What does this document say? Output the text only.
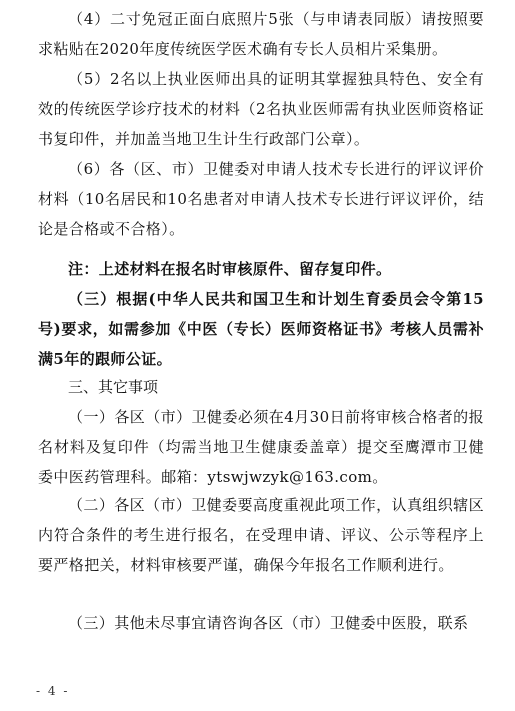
（4）二寸免冠正面白底照片5张（与申请表同版）请按照要求粘贴在2020年度传统医学医术确有专长人员相片采集册。

（5）2名以上执业医师出具的证明其掌握独具特色、安全有效的传统医学诊疗技术的材料（2名执业医师需有执业医师资格证书复印件，并加盖当地卫生计生行政部门公章）。

（6）各（区、市）卫健委对申请人技术专长进行的评议评价材料（10名居民和10名患者对申请人技术专长进行评议评价，结论是合格或不合格）。

注：上述材料在报名时审核原件、留存复印件。

（三）根据(中华人民共和国卫生和计划生育委员会令第15号)要求，如需参加《中医（专长）医师资格证书》考核人员需补满5年的跟师公证。

三、其它事项

（一）各区（市）卫健委必须在4月30日前将审核合格者的报名材料及复印件（均需当地卫生健康委盖章）提交至鹰潭市卫健委中医药管理科。邮箱：ytswjwzyk@163.com。

（二）各区（市）卫健委要高度重视此项工作，认真组织辖区内符合条件的考生进行报名，在受理申请、评议、公示等程序上要严格把关，材料审核要严谨，确保今年报名工作顺利进行。

（三）其他未尽事宜请咨询各区（市）卫健委中医股，联系

- 4 -
